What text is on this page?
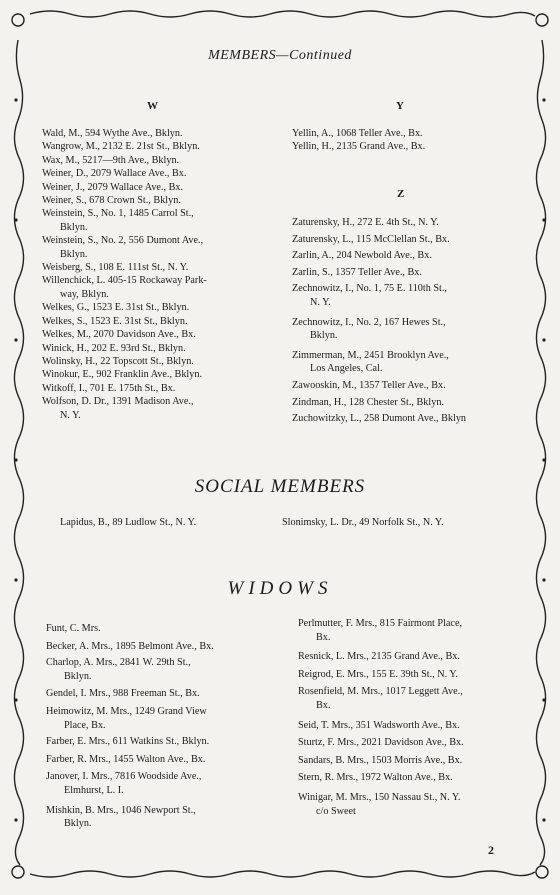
MEMBERS—Continued
W	Y
Z
Wald, M., 594 Wythe Ave., Bklyn.
Wangrow, M., 2132 E. 21st St., Bklyn.
Wax, M., 5217—9th Ave., Bklyn.
Weiner, D., 2079 Wallace Ave., Bx.
Weiner, J., 2079 Wallace Ave., Bx.
Weiner, S., 678 Crown St., Bklyn.
Weinstein, S., No. 1, 1485 Carrol St.,
Bklyn.
Weinstein, S., No. 2, 556 Dumont Ave.,
Bklyn.
Weisberg, S., 108 E. 111st St., N. Y.
Willenchick, L. 405-15 Rockaway Park-
way, Bklyn.
Welkes, G., 1523 E. 31st St., Bklyn.
Welkes, S., 1523 E. 31st St., Bklyn.
Welkes, M., 2070 Davidson Ave., Bx.
Winick, H., 202 E. 93rd St., Bklyn.
Wolinsky, H., 22 Topscott St., Bklyn.
Winokur, E., 902 Franklin Ave., Bklyn.
Witkoff, I., 701 E. 175th St., Bx.
Wolfson, D. Dr., 1391 Madison Ave.,
N. Y.
Yellin, A., 1068 Teller Ave., Bx.
Yellin, H., 2135 Grand Ave., Bx.
Zaturensky, H., 272 E. 4th St., N. Y.
Zaturensky, L., 115 McClellan St., Bx.
Zarlin, A., 204 Newbold Ave., Bx.
Zarlin, S., 1357 Teller Ave., Bx.
Zechnowitz, I., No. 1, 75 E. 110th St.,
N. Y.
Zechnowitz, I., No. 2, 167 Hewes St.,
Bklyn.
Zimmerman, M., 2451 Brooklyn Ave.,
Los Angeles, Cal.
Zawooskin, M., 1357 Teller Ave., Bx.
Zindman, H., 128 Chester St., Bklyn.
Zuchowitzky, L., 258 Dumont Ave., Bklyn
SOCIAL MEMBERS
Lapidus, B., 89 Ludlow St., N. Y.	Slonimsky, L. Dr., 49 Norfolk St., N. Y.
WIDOWS
Funt, C. Mrs.
Becker, A. Mrs., 1895 Belmont Ave., Bx.
Charlop, A. Mrs., 2841 W. 29th St.,
Bklyn.
Gendel, I. Mrs., 988 Freeman St., Bx.
Heimowitz, M. Mrs., 1249 Grand View
Place, Bx.
Farber, E. Mrs., 611 Watkins St., Bklyn.
Farber, R. Mrs., 1455 Walton Ave., Bx.
Janover, I. Mrs., 7816 Woodside Ave.,
Elmhurst, L. I.
Mishkin, B. Mrs., 1046 Newport St.,
Bklyn.
Perlmutter, F. Mrs., 815 Fairmont Place,
Bx.
Resnick, L. Mrs., 2135 Grand Ave., Bx.
Reigrod, E. Mrs., 155 E. 39th St., N. Y.
Rosenfield, M. Mrs., 1017 Leggett Ave.,
Bx.
Seid, T. Mrs., 351 Wadsworth Ave., Bx.
Sturtz, F. Mrs., 2021 Davidson Ave., Bx.
Sandars, B. Mrs., 1503 Morris Ave., Bx.
Stern, R. Mrs., 1972 Walton Ave., Bx.
Winigar, M. Mrs., 150 Nassau St., N. Y.
c/o Sweet
2
